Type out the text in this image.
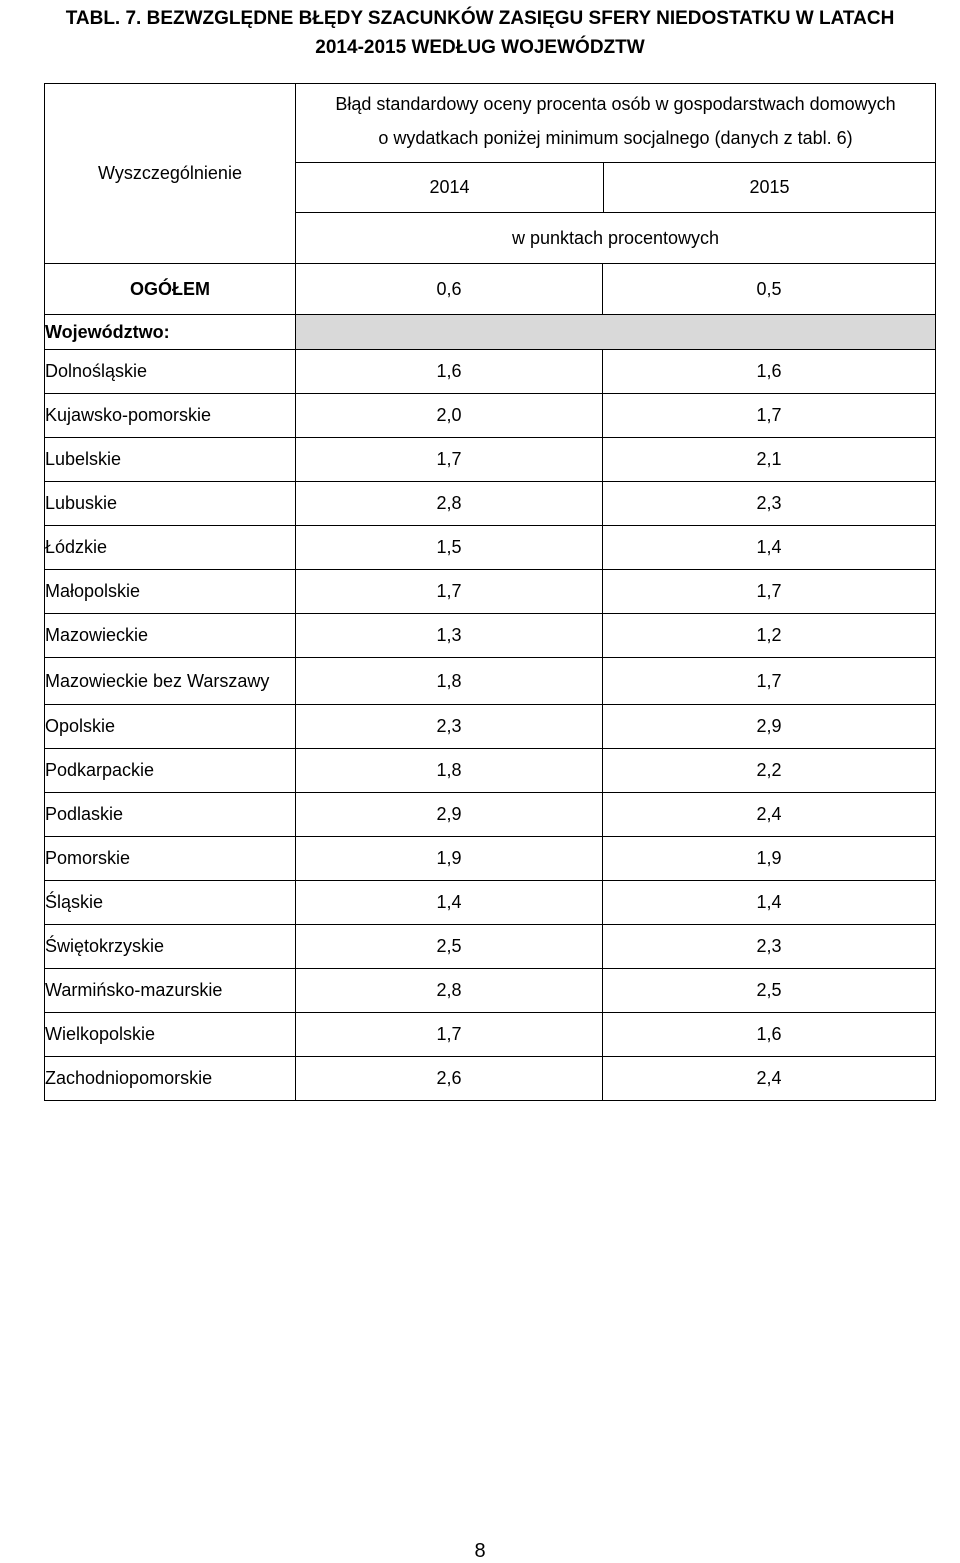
TABL. 7. BEZWZGLĘDNE BŁĘDY SZACUNKÓW ZASIĘGU SFERY NIEDOSTATKU W LATACH
2014-2015 WEDŁUG WOJEWÓDZTW
Wyszczególnienie	Błąd standardowy oceny procenta osób w gospodarstwach domowych
o wydatkach poniżej minimum socjalnego (danych z tabl. 6)
2014 2015	

	w punktach procentowych	
OGÓŁEM	0,6	0,5
Województwo:		
Dolnośląskie	1,6	1,6
Kujawsko-pomorskie	2,0	1,7
Lubelskie	1,7	2,1
Lubuskie	2,8	2,3
Łódzkie	1,5	1,4
Małopolskie	1,7	1,7
Mazowieckie	1,3	1,2
Mazowieckie bez Warszawy	1,8	1,7
Opolskie	2,3	2,9
Podkarpackie	1,8	2,2
Podlaskie	2,9	2,4
Pomorskie	1,9	1,9
Śląskie	1,4	1,4
Świętokrzyskie	2,5	2,3
Warmińsko-mazurskie	2,8	2,5
Wielkopolskie	1,7	1,6
Zachodniopomorskie	2,6	2,4
8
